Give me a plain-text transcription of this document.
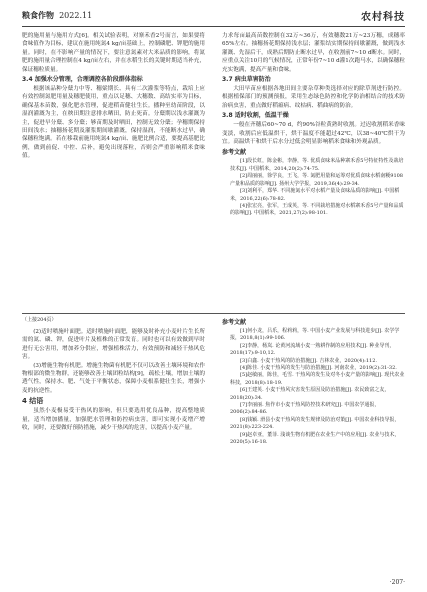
粮食作物 2022.11	农村科技

肥的施用量与施用方式[6]。相关试验表明，对寨禾香2号而言，如果要将食味值作为目标，建议在施用纯氮4 kg/亩基础上，控制磷肥、钾肥的施用量。同时，在不影响产量的情况下，要注意氮素对大米品质的影响，将氮肥的施用量合理控制在4 kg/亩左右，并在水稻生长的关键时期适当补充，保证穗粒质量。

3.4 加强水分管理，合理调控各阶段群体指标

根据该品种分蘖力中等、穗粱期长、具有二次灌浆等特点，栽培上应有效控制氮肥用量及穗肥使用，重点以足穗、大穗数、高结实率为目标，确保基本苗数，强化肥水管理，促进稻苗健壮生长。播种至幼苗阶段，以湿润灌溉为主，在秧田期注意排水晒田，防止死苗。分蘖期以浅水灌溉为主，促进早分蘖、多分蘖；够苗期及时晒田，控制无效分蘖；孕穗期保持田间浅水；抽穗扬花期及灌浆期间歇灌溉，保持湿润，不能断水过早，确保穗粒饱满。若在移栽前施用纯氮4 kg/亩、施肥比例合适，要提高基肥比例，做到前促、中控、后补，避免出现落粒，否则会严重影响稻米食味值。

力求每亩最高苗数控制在32万~36万，有效穗数21万~23万穗，成穗率65%左右。抽穗扬花期保持浅水层；灌浆结实期保持间歇灌溉，做到浅水灌溉、先湿后干，成熟后期防止断水过早，在收割前7~10 d断水。同时，应重点关注10月的气候情况，正常年份7~10 d灌1次跑马水，以确保穗粒充实饱满，提高产量和食味。

3.7 病虫草害防治

大田早苗应根据各地田间主要杂草种类选择对应的除草剂进行防控。根据植保部门的预测预报，采用生态绿色防控和化学防治相结合的技术防治病虫害，重点做好稻瘟病、纹枯病、稻曲病的防治。

3.8 适时收割，低温干燥

一般在齐穗后60~70 d，约90%谷粒黄熟时收割。过迟收割稻米香味变淡，收割后应低温烘干，烘干温度不能超过42℃，以38~40℃烘干为宜。高温烘干和烘干后水分过低会明显影响稻米食味和外观品质。

参考文献

[1]段长虹，陈金彬，李静，等. 优质食味米品种寨禾香5号特征特性及栽培技术[J]. 中国稻米，2014,20(2):74-75.

[2]周丽丽，徐学良，王飞，等. 氮肥用量和运筹对优质食味水稻南粳9108产量和品质的影响[J]. 扬州大学学报，2019,36(4):29-34.

[3]刘利平，郑华. 不同施氮水平对水稻产量及食味品质的影响[J]. 中国稻米，2016,22(6):78-82.

[4]张宏亮，张军，王成英，等. 不同栽培措施对水稻寨禾香5号产量和品质的影响[J]. 中国稻米，2021,27(2):98-101.

（上接204页）

(2)适时喷施叶面肥。适时喷施叶面肥，能够及时补充小麦叶片生长所需的氮、磷、钾，促进叶片及植株的正常发育。同时也可以有效做到早时进行无公害用，增加养分供应，增强植株活力，有效预防和减轻干热风危害。

(3)增施生物有机肥。增施生物菌有机肥不仅可以改善土壤环境和农作物根部的微生物群，还能够改善土壤团粒结构[9]，疏松土壤，增加土壤的透气性，保持水、肥、气处于平衡状态，保障小麦根系健壮生长，增强小麦的抗逆性。

4 结语

虽然小麦极易受干热风的影响，但只要选用优良品种，提高整地质量，适当增加播量，加强肥水管理和防控病虫害，即可实现小麦增产增收，同时，还要做好预防措施，减少干热风的危害，以提高小麦产量。

参考文献

[1]何小龙，吕乐，程莉莉，等. 中国小麦产业发展与科技进步[J]. 农学学报，2018,8(1):99-106.

[2]李静，杨岚. 论黄河流域小麦一熟耕作制的应用技术[J]. 种业导刊，2018(17):9-10,12.

[3]白鑫. 小麦干热风的防治措施[J]. 吉林农业，2020(4):112.

[4]陈佳. 小麦干热风的发生与防治措施[J]. 河南农业，2019(2):31-32.

[5]赵敏丽，陈佳，毛雪. 干热风的发生及对冬小麦产量的影响[J]. 现代农业科技，2018(8):18-19.

[6]王建英. 小麦干热风灾害发生原因及防治措施[J]. 农民致富之友，2018(20):34.

[7]李丽丽. 焦作市小麦干热风防控技术研究[J]. 中国农学通报，2006(2):84-86.

[8]钱颖. 滑县小麦干热风的发生规律及防治对策[J]. 中国农业科技导报，2021(8):223-224.

[9]赵卓亚，董菲. 浅谈生物有机肥在农业生产中的应用[J]. 农业与技术，2020(5):16-18.

·207·
